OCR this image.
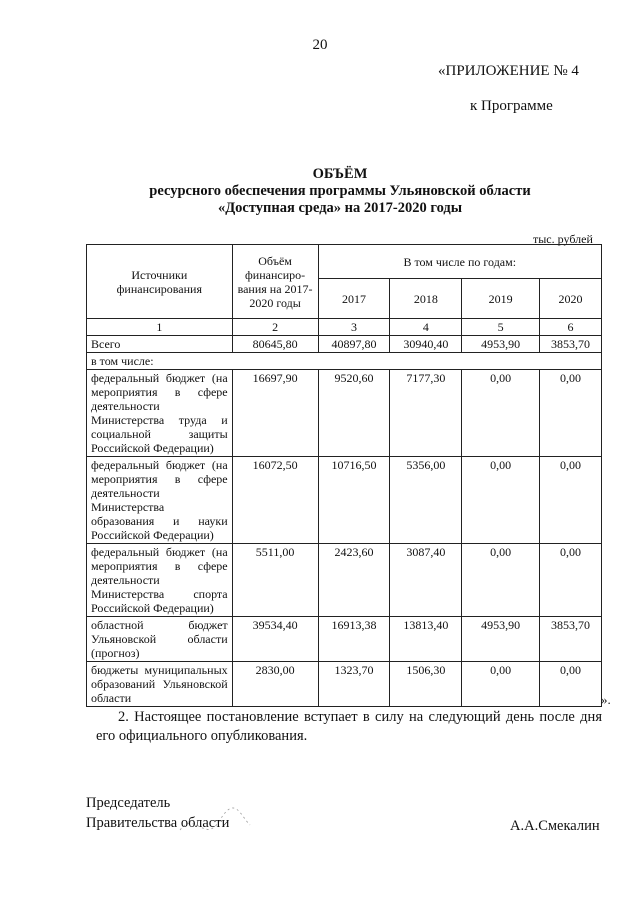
20
«ПРИЛОЖЕНИЕ № 4
к Программе
ОБЪЁМ
ресурсного обеспечения программы Ульяновской области
«Доступная среда» на 2017-2020 годы
тыс. рублей
Источники финансирования	Объём финансиро-вания на 2017-2020 годы	В том числе по годам:			
		2017	2018	2019	2020
1	2	3	4	5	6
Всего	80645,80	40897,80	30940,40	4953,90	3853,70
в том числе:					
федеральный бюджет (на мероприятия в сфере деятельности Министерства труда и социальной защиты Российской Федерации)	16697,90	9520,60	7177,30	0,00	0,00
федеральный бюджет (на мероприятия в сфере деятельности Министерства образования и науки Российской Федерации)	16072,50	10716,50	5356,00	0,00	0,00
федеральный бюджет (на мероприятия в сфере деятельности Министерства спорта Российской Федерации)	5511,00	2423,60	3087,40	0,00	0,00
областной бюджет Ульяновской области (прогноз)	39534,40	16913,38	13813,40	4953,90	3853,70
бюджеты муниципальных образований Ульяновской области	2830,00	1323,70	1506,30	0,00	0,00
».
2. Настоящее постановление вступает в силу на следующий день после дня его официального опубликования.
Председатель
Правительства области	А.А.Смекалин
